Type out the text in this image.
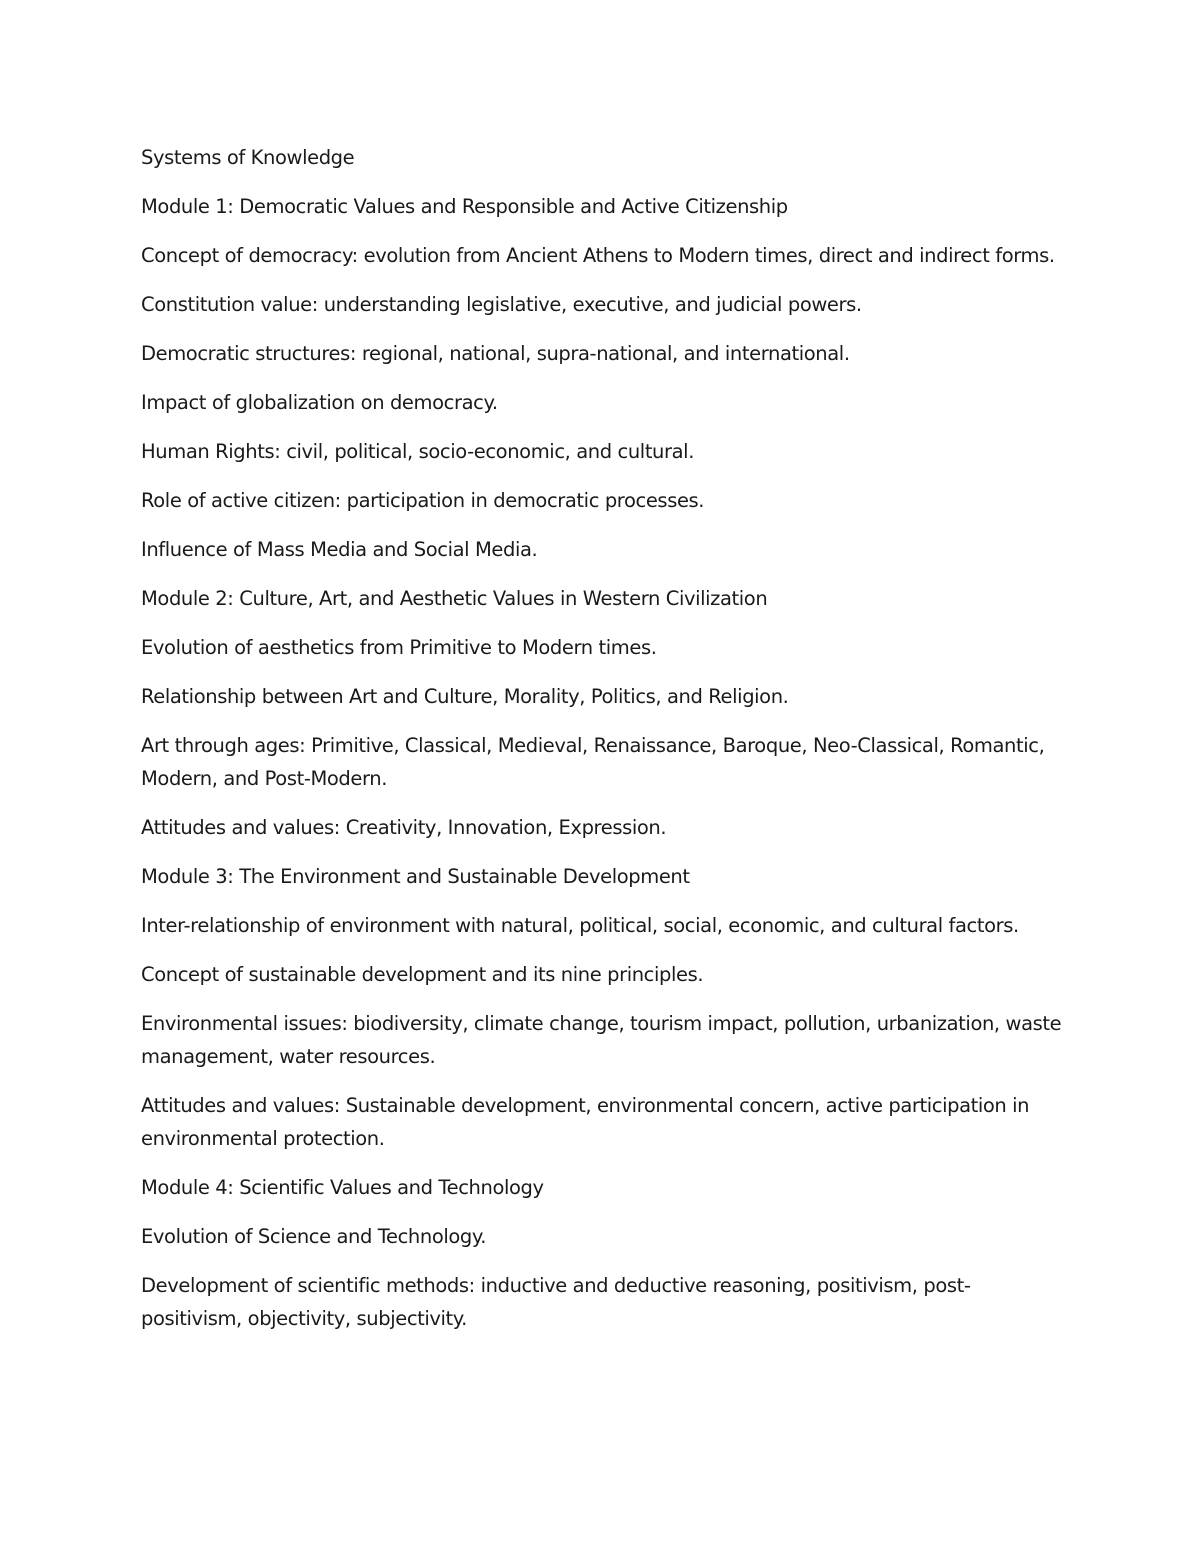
Systems of Knowledge

Module 1: Democratic Values and Responsible and Active Citizenship

Concept of democracy: evolution from Ancient Athens to Modern times, direct and indirect forms.

Constitution value: understanding legislative, executive, and judicial powers.

Democratic structures: regional, national, supra-national, and international.

Impact of globalization on democracy.

Human Rights: civil, political, socio-economic, and cultural.

Role of active citizen: participation in democratic processes.

Influence of Mass Media and Social Media.

Module 2: Culture, Art, and Aesthetic Values in Western Civilization

Evolution of aesthetics from Primitive to Modern times.

Relationship between Art and Culture, Morality, Politics, and Religion.

Art through ages: Primitive, Classical, Medieval, Renaissance, Baroque, Neo-Classical, Romantic, Modern, and Post-Modern.

Attitudes and values: Creativity, Innovation, Expression.

Module 3: The Environment and Sustainable Development

Inter-relationship of environment with natural, political, social, economic, and cultural factors.

Concept of sustainable development and its nine principles.

Environmental issues: biodiversity, climate change, tourism impact, pollution, urbanization, waste management, water resources.

Attitudes and values: Sustainable development, environmental concern, active participation in environmental protection.

Module 4: Scientific Values and Technology

Evolution of Science and Technology.

Development of scientific methods: inductive and deductive reasoning, positivism, post-positivism, objectivity, subjectivity.
